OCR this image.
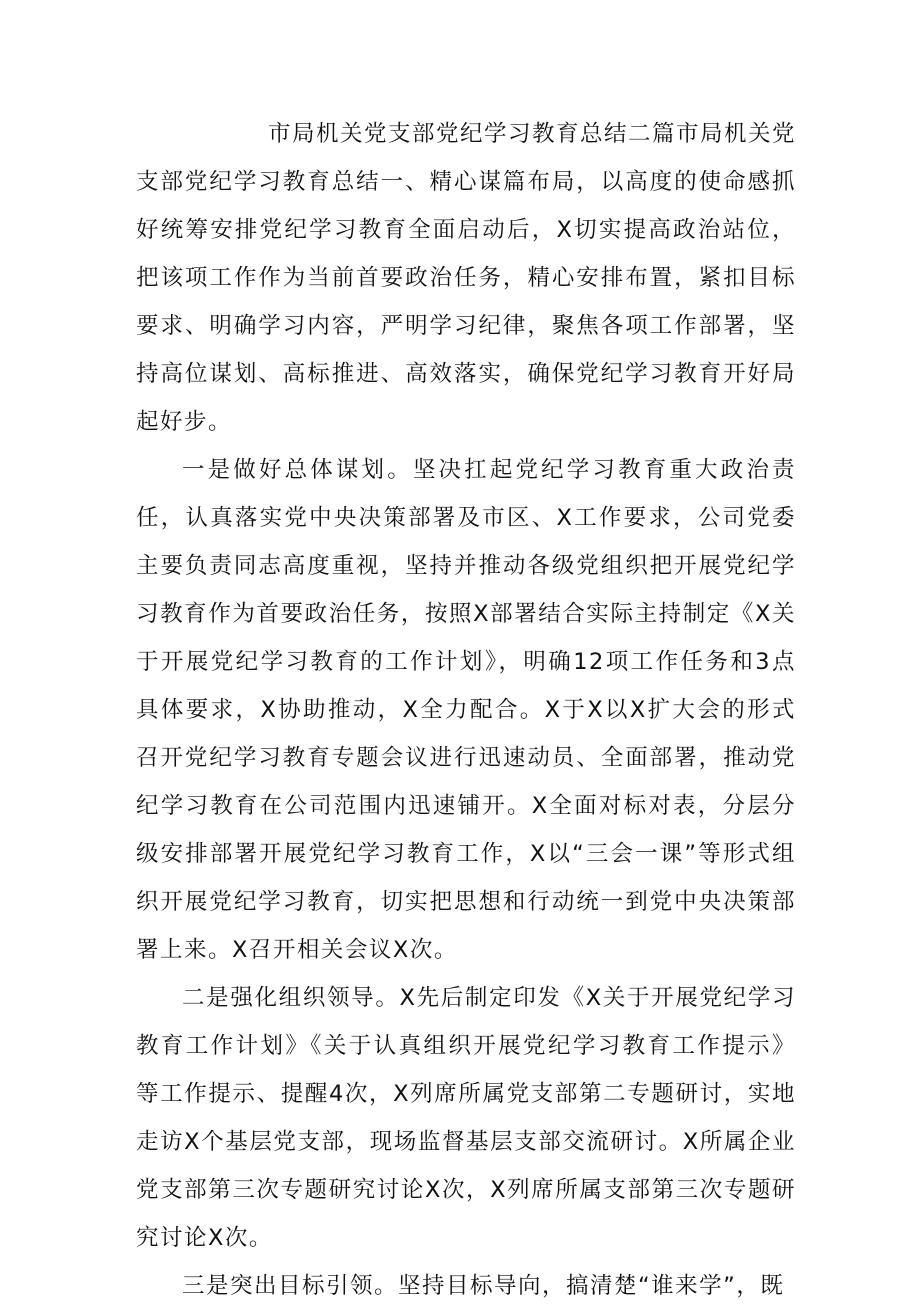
市局机关党支部党纪学习教育总结二篇市局机关党支部党纪学习教育总结一、精心谋篇布局，以高度的使命感抓好统筹安排党纪学习教育全面启动后，X切实提高政治站位，把该项工作作为当前首要政治任务，精心安排布置，紧扣目标要求、明确学习内容，严明学习纪律，聚焦各项工作部署，坚持高位谋划、高标推进、高效落实，确保党纪学习教育开好局起好步。

一是做好总体谋划。坚决扛起党纪学习教育重大政治责任，认真落实党中央决策部署及市区、X工作要求，公司党委主要负责同志高度重视，坚持并推动各级党组织把开展党纪学习教育作为首要政治任务，按照X部署结合实际主持制定《X关于开展党纪学习教育的工作计划》，明确12项工作任务和3点具体要求，X协助推动，X全力配合。X于X以X扩大会的形式召开党纪学习教育专题会议进行迅速动员、全面部署，推动党纪学习教育在公司范围内迅速铺开。X全面对标对表，分层分级安排部署开展党纪学习教育工作，X以“三会一课”等形式组织开展党纪学习教育，切实把思想和行动统一到党中央决策部署上来。X召开相关会议X次。

二是强化组织领导。X先后制定印发《X关于开展党纪学习教育工作计划》《关于认真组织开展党纪学习教育工作提示》等工作提示、提醒4次，X列席所属党支部第二专题研讨，实地走访X个基层党支部，现场监督基层支部交流研讨。X所属企业党支部第三次专题研究讨论X次，X列席所属支部第三次专题研究讨论X次。

三是突出目标引领。坚持目标导向，搞清楚“谁来学”，既
